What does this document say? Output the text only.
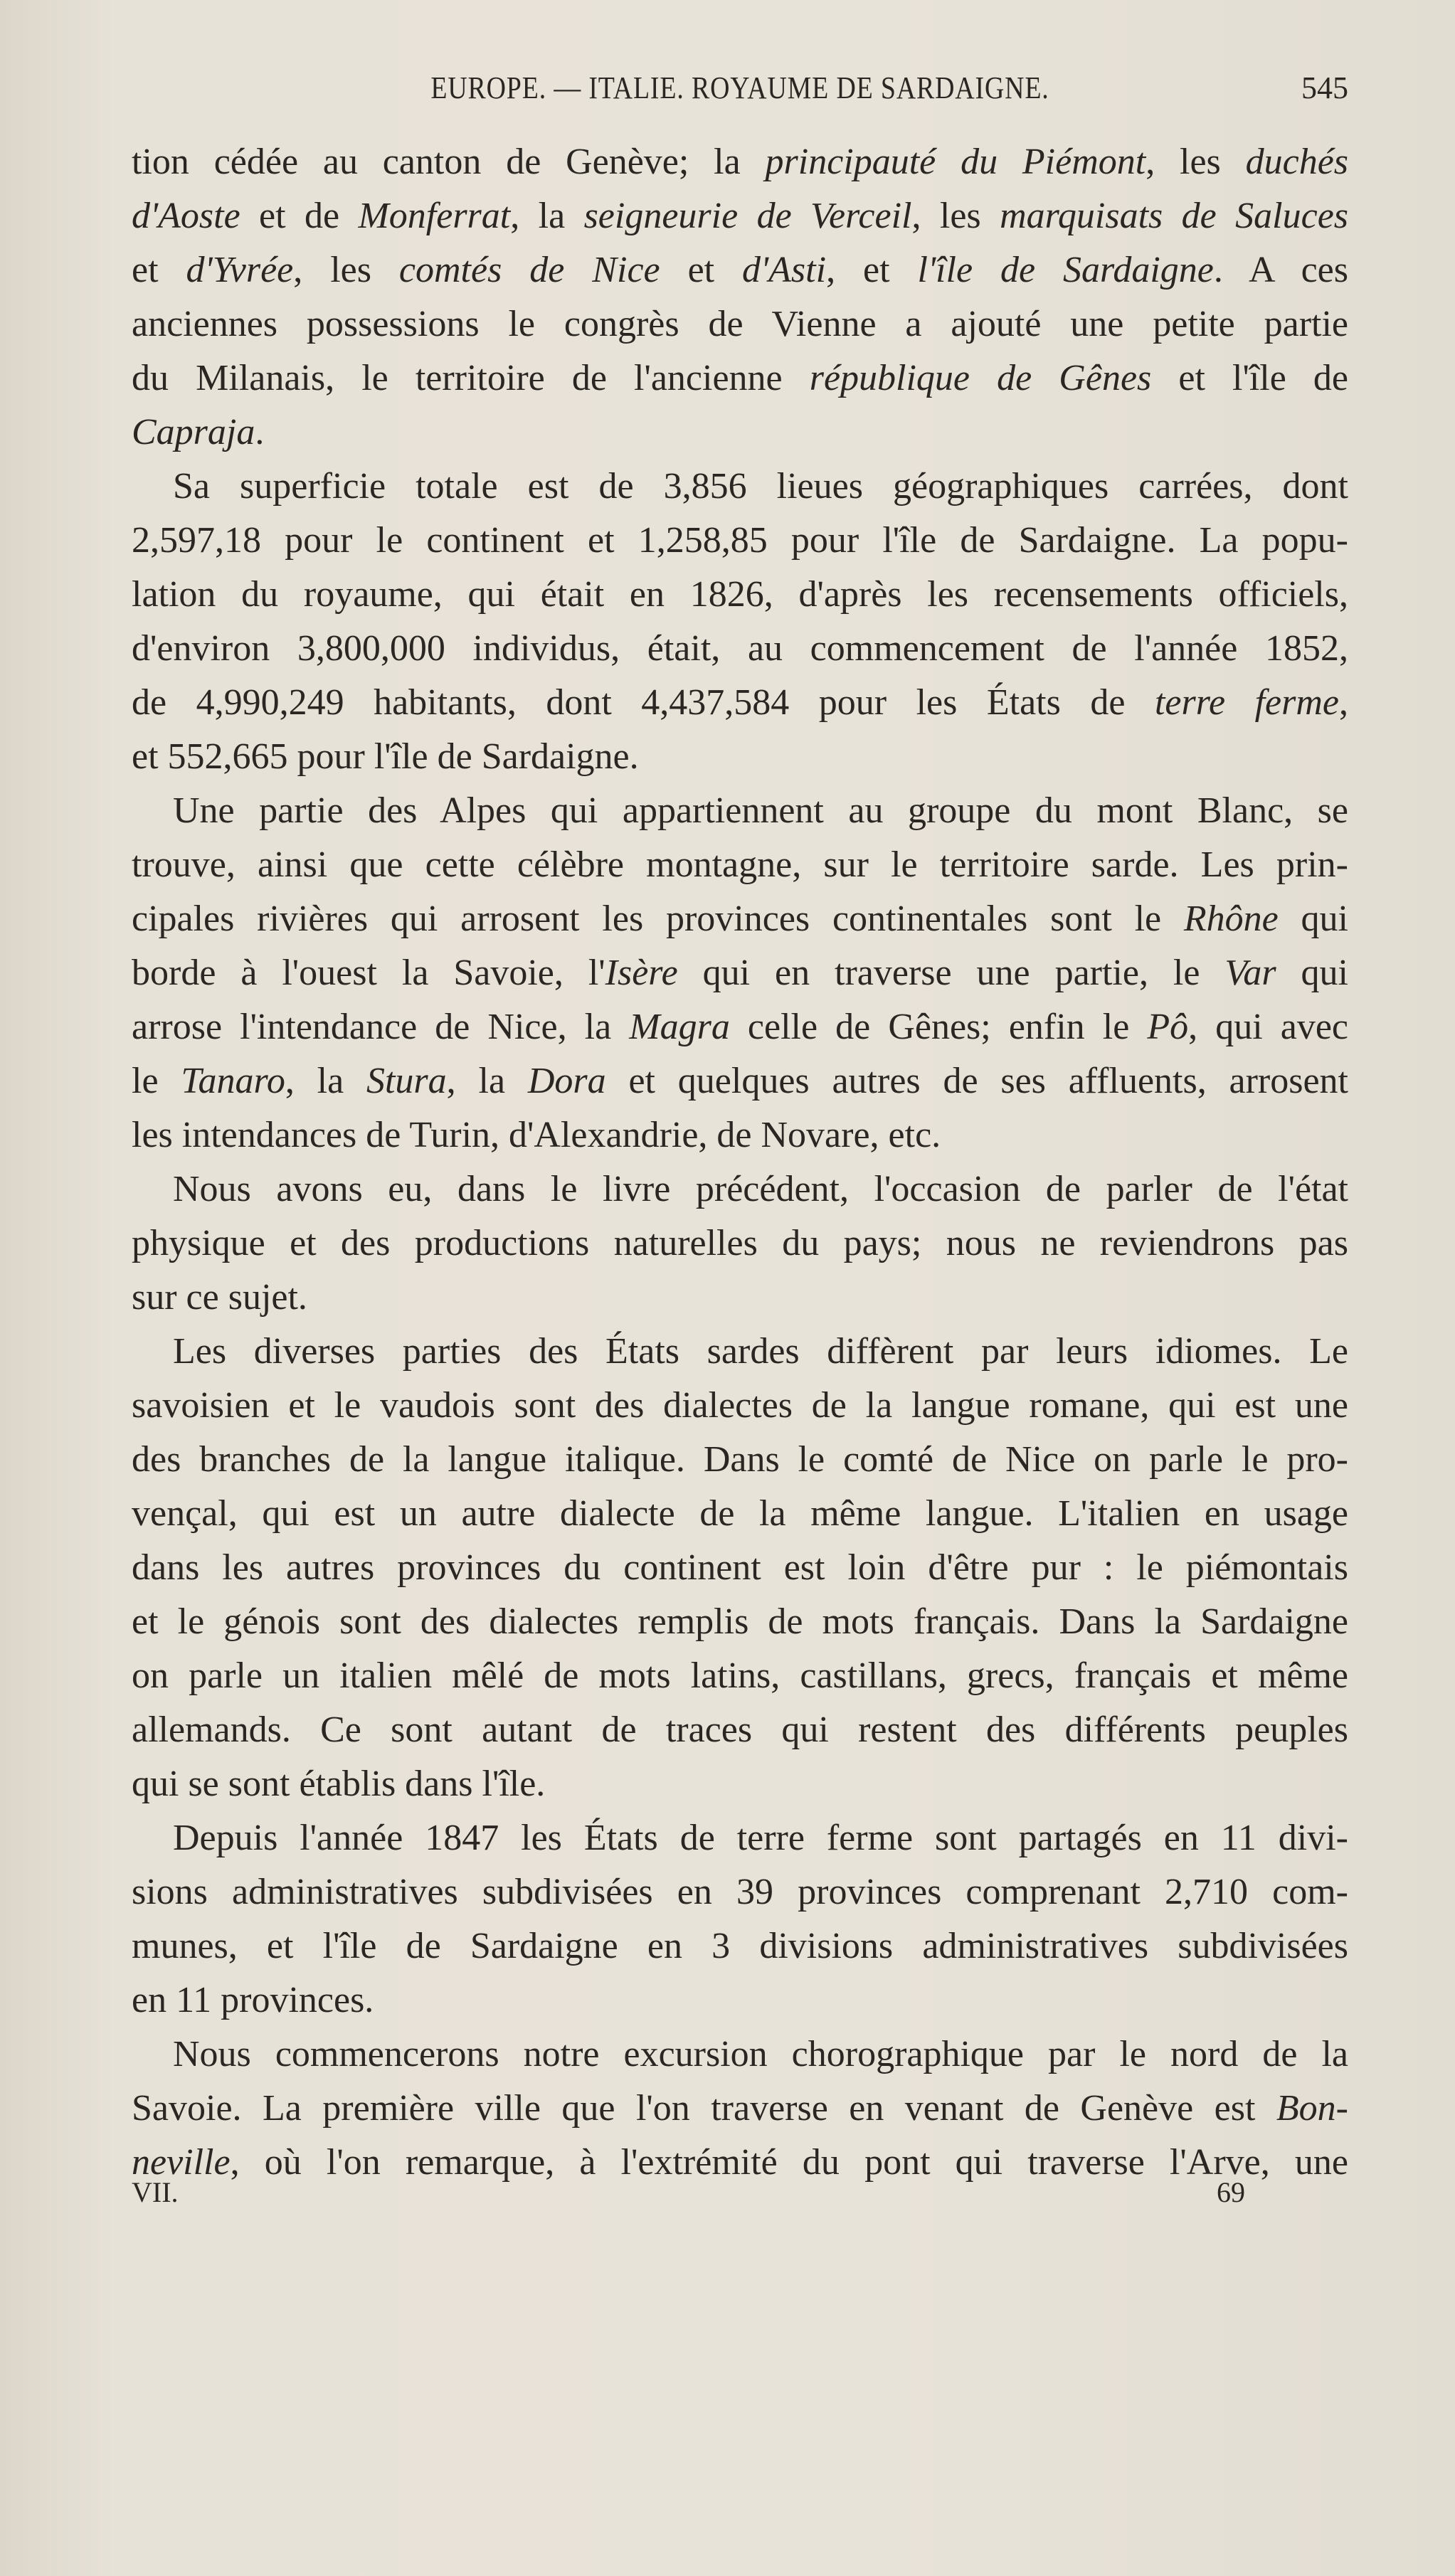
EUROPE. — ITALIE. ROYAUME DE SARDAIGNE.	545
tion cédée au canton de Genève; la principauté du Piémont, les duchés
d'Aoste et de Monferrat, la seigneurie de Verceil, les marquisats de Saluces
et d'Yvrée, les comtés de Nice et d'Asti, et l'île de Sardaigne. A ces
anciennes possessions le congrès de Vienne a ajouté une petite partie
du Milanais, le territoire de l'ancienne république de Gênes et l'île de
Capraja.
Sa superficie totale est de 3,856 lieues géographiques carrées, dont
2,597,18 pour le continent et 1,258,85 pour l'île de Sardaigne. La popu-
lation du royaume, qui était en 1826, d'après les recensements officiels,
d'environ 3,800,000 individus, était, au commencement de l'année 1852,
de 4,990,249 habitants, dont 4,437,584 pour les États de terre ferme,
et 552,665 pour l'île de Sardaigne.
Une partie des Alpes qui appartiennent au groupe du mont Blanc, se
trouve, ainsi que cette célèbre montagne, sur le territoire sarde. Les prin-
cipales rivières qui arrosent les provinces continentales sont le Rhône qui
borde à l'ouest la Savoie, l'Isère qui en traverse une partie, le Var qui
arrose l'intendance de Nice, la Magra celle de Gênes; enfin le Pô, qui avec
le Tanaro, la Stura, la Dora et quelques autres de ses affluents, arrosent
les intendances de Turin, d'Alexandrie, de Novare, etc.
Nous avons eu, dans le livre précédent, l'occasion de parler de l'état
physique et des productions naturelles du pays; nous ne reviendrons pas
sur ce sujet.
Les diverses parties des États sardes diffèrent par leurs idiomes. Le
savoisien et le vaudois sont des dialectes de la langue romane, qui est une
des branches de la langue italique. Dans le comté de Nice on parle le pro-
vençal, qui est un autre dialecte de la même langue. L'italien en usage
dans les autres provinces du continent est loin d'être pur : le piémontais
et le génois sont des dialectes remplis de mots français. Dans la Sardaigne
on parle un italien mêlé de mots latins, castillans, grecs, français et même
allemands. Ce sont autant de traces qui restent des différents peuples
qui se sont établis dans l'île.
Depuis l'année 1847 les États de terre ferme sont partagés en 11 divi-
sions administratives subdivisées en 39 provinces comprenant 2,710 com-
munes, et l'île de Sardaigne en 3 divisions administratives subdivisées
en 11 provinces.
Nous commencerons notre excursion chorographique par le nord de la
Savoie. La première ville que l'on traverse en venant de Genève est Bon-
neville, où l'on remarque, à l'extrémité du pont qui traverse l'Arve, une
VII.	69
